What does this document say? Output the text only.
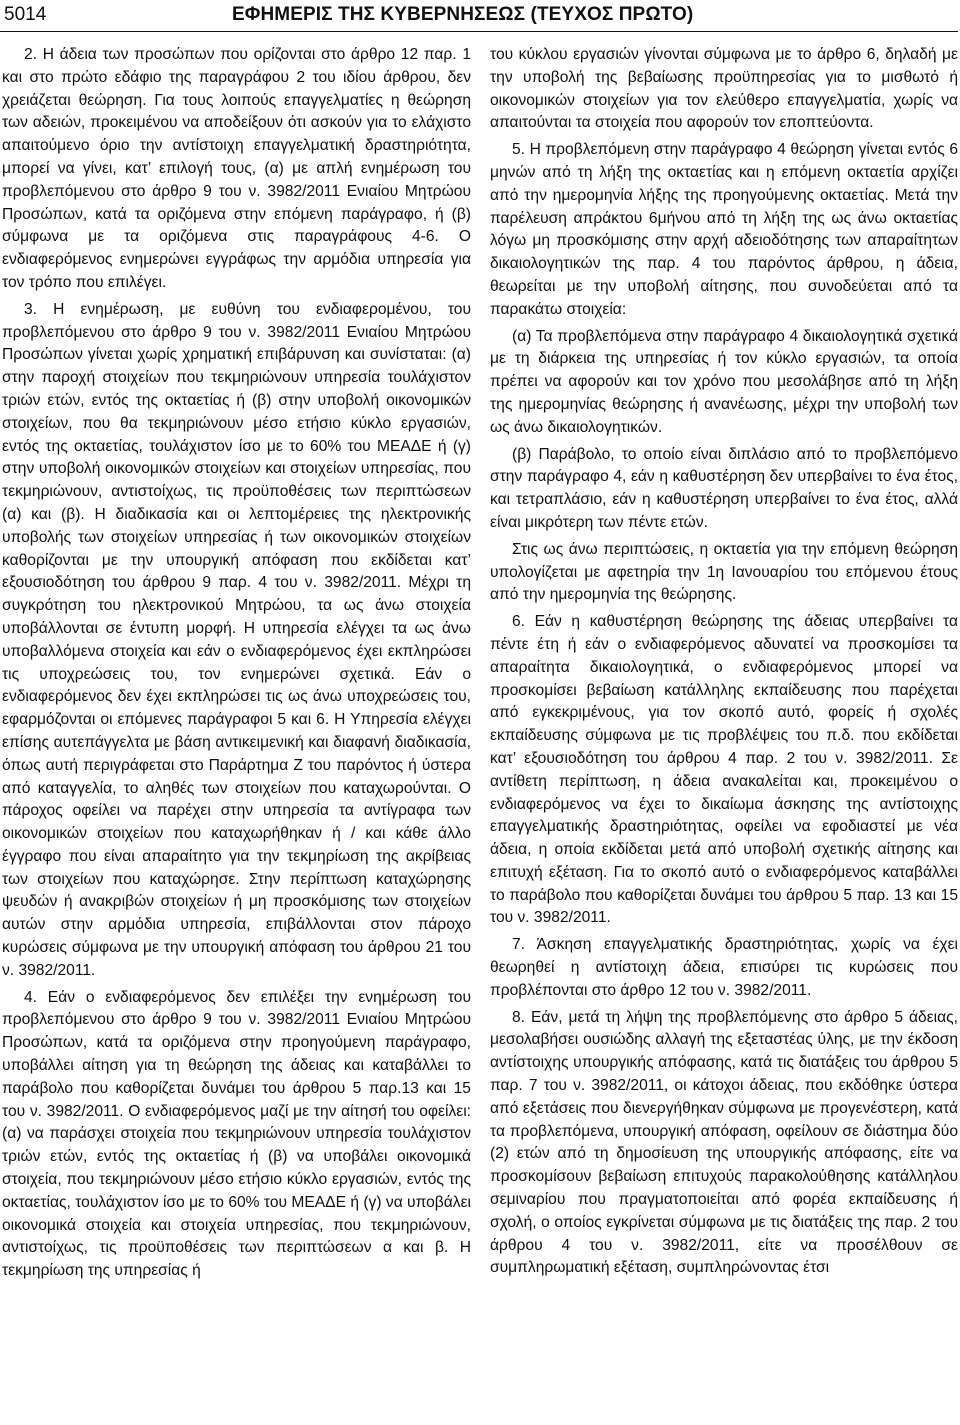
5014	ΕΦΗΜΕΡΙΣ ΤΗΣ ΚΥΒΕΡΝΗΣΕΩΣ (ΤΕΥΧΟΣ ΠΡΩΤΟ)

2. Η άδεια των προσώπων που ορίζονται στο άρθρο 12 παρ. 1 και στο πρώτο εδάφιο της παραγράφου 2 του ιδίου άρθρου, δεν χρειάζεται θεώρηση. Για τους λοιπούς επαγγελματίες η θεώρηση των αδειών, προκειμένου να αποδείξουν ότι ασκούν για το ελάχιστο απαιτούμενο όριο την αντίστοιχη επαγγελματική δραστηριότητα, μπορεί να γίνει, κατ’ επιλογή τους, (α) με απλή ενημέρωση του προβλεπόμενου στο άρθρο 9 του ν. 3982/2011 Ενιαίου Μητρώου Προσώπων, κατά τα οριζόμενα στην επόμενη παράγραφο, ή (β) σύμφωνα με τα οριζόμενα στις παραγράφους 4-6. Ο ενδιαφερόμενος ενημερώνει εγγράφως την αρμόδια υπηρεσία για τον τρόπο που επιλέγει.

3. Η ενημέρωση, με ευθύνη του ενδιαφερομένου, του προβλεπόμενου στο άρθρο 9 του ν. 3982/2011 Ενιαίου Μητρώου Προσώπων γίνεται χωρίς χρηματική επιβάρυνση και συνίσταται: (α) στην παροχή στοιχείων που τεκμηριώνουν υπηρεσία τουλάχιστον τριών ετών, εντός της οκταετίας ή (β) στην υποβολή οικονομικών στοιχείων, που θα τεκμηριώνουν μέσο ετήσιο κύκλο εργασιών, εντός της οκταετίας, τουλάχιστον ίσο με το 60% του ΜΕΑΔΕ ή (γ) στην υποβολή οικονομικών στοιχείων και στοιχείων υπηρεσίας, που τεκμηριώνουν, αντιστοίχως, τις προϋποθέσεις των περιπτώσεων (α) και (β). Η διαδικασία και οι λεπτομέρειες της ηλεκτρονικής υποβολής των στοιχείων υπηρεσίας ή των οικονομικών στοιχείων καθορίζονται με την υπουργική απόφαση που εκδίδεται κατ’ εξουσιοδότηση του άρθρου 9 παρ. 4 του ν. 3982/2011. Μέχρι τη συγκρότηση του ηλεκτρονικού Μητρώου, τα ως άνω στοιχεία υποβάλλονται σε έντυπη μορφή. Η υπηρεσία ελέγχει τα ως άνω υποβαλλόμενα στοιχεία και εάν ο ενδιαφερόμενος έχει εκπληρώσει τις υποχρεώσεις του, τον ενημερώνει σχετικά. Εάν ο ενδιαφερόμενος δεν έχει εκπληρώσει τις ως άνω υποχρεώσεις του, εφαρμόζονται οι επόμενες παράγραφοι 5 και 6. Η Υπηρεσία ελέγχει επίσης αυτεπάγγελτα με βάση αντικειμενική και διαφανή διαδικασία, όπως αυτή περιγράφεται στο Παράρτημα Ζ του παρόντος ή ύστερα από καταγγελία, το αληθές των στοιχείων που καταχωρούνται. Ο πάροχος οφείλει να παρέχει στην υπηρεσία τα αντίγραφα των οικονομικών στοιχείων που καταχωρήθηκαν ή / και κάθε άλλο έγγραφο που είναι απαραίτητο για την τεκμηρίωση της ακρίβειας των στοιχείων που καταχώρησε. Στην περίπτωση καταχώρησης ψευδών ή ανακριβών στοιχείων ή μη προσκόμισης των στοιχείων αυτών στην αρμόδια υπηρεσία, επιβάλλονται στον πάροχο κυρώσεις σύμφωνα με την υπουργική απόφαση του άρθρου 21 του ν. 3982/2011.

4. Εάν ο ενδιαφερόμενος δεν επιλέξει την ενημέρωση του προβλεπόμενου στο άρθρο 9 του ν. 3982/2011 Ενιαίου Μητρώου Προσώπων, κατά τα οριζόμενα στην προηγούμενη παράγραφο, υποβάλλει αίτηση για τη θεώρηση της άδειας και καταβάλλει το παράβολο που καθορίζεται δυνάμει του άρθρου 5 παρ.13 και 15 του ν. 3982/2011. Ο ενδιαφερόμενος μαζί με την αίτησή του οφείλει: (α) να παράσχει στοιχεία που τεκμηριώνουν υπηρεσία τουλάχιστον τριών ετών, εντός της οκταετίας ή (β) να υποβάλει οικονομικά στοιχεία, που τεκμηριώνουν μέσο ετήσιο κύκλο εργασιών, εντός της οκταετίας, τουλάχιστον ίσο με το 60% του ΜΕΑΔΕ ή (γ) να υποβάλει οικονομικά στοιχεία και στοιχεία υπηρεσίας, που τεκμηριώνουν, αντιστοίχως, τις προϋποθέσεις των περιπτώσεων α και β. Η τεκμηρίωση της υπηρεσίας ή

του κύκλου εργασιών γίνονται σύμφωνα με το άρθρο 6, δηλαδή με την υποβολή της βεβαίωσης προϋπηρεσίας για το μισθωτό ή οικονομικών στοιχείων για τον ελεύθερο επαγγελματία, χωρίς να απαιτούνται τα στοιχεία που αφορούν τον εποπτεύοντα.

5. Η προβλεπόμενη στην παράγραφο 4 θεώρηση γίνεται εντός 6 μηνών από τη λήξη της οκταετίας και η επόμενη οκταετία αρχίζει από την ημερομηνία λήξης της προηγούμενης οκταετίας. Μετά την παρέλευση απράκτου 6μήνου από τη λήξη της ως άνω οκταετίας λόγω μη προσκόμισης στην αρχή αδειοδότησης των απαραίτητων δικαιολογητικών της παρ. 4 του παρόντος άρθρου, η άδεια, θεωρείται με την υποβολή αίτησης, που συνοδεύεται από τα παρακάτω στοιχεία:

(α) Τα προβλεπόμενα στην παράγραφο 4 δικαιολογητικά σχετικά με τη διάρκεια της υπηρεσίας ή τον κύκλο εργασιών, τα οποία πρέπει να αφορούν και τον χρόνο που μεσολάβησε από τη λήξη της ημερομηνίας θεώρησης ή ανανέωσης, μέχρι την υποβολή των ως άνω δικαιολογητικών.

(β) Παράβολο, το οποίο είναι διπλάσιο από το προβλεπόμενο στην παράγραφο 4, εάν η καθυστέρηση δεν υπερβαίνει το ένα έτος, και τετραπλάσιο, εάν η καθυστέρηση υπερβαίνει το ένα έτος, αλλά είναι μικρότερη των πέντε ετών.

Στις ως άνω περιπτώσεις, η οκταετία για την επόμενη θεώρηση υπολογίζεται με αφετηρία την 1η Ιανουαρίου του επόμενου έτους από την ημερομηνία της θεώρησης.

6. Εάν η καθυστέρηση θεώρησης της άδειας υπερβαίνει τα πέντε έτη ή εάν ο ενδιαφερόμενος αδυνατεί να προσκομίσει τα απαραίτητα δικαιολογητικά, ο ενδιαφερόμενος μπορεί να προσκομίσει βεβαίωση κατάλληλης εκπαίδευσης που παρέχεται από εγκεκριμένους, για τον σκοπό αυτό, φορείς ή σχολές εκπαίδευσης σύμφωνα με τις προβλέψεις του π.δ. που εκδίδεται κατ’ εξουσιοδότηση του άρθρου 4 παρ. 2 του ν. 3982/2011. Σε αντίθετη περίπτωση, η άδεια ανακαλείται και, προκειμένου ο ενδιαφερόμενος να έχει το δικαίωμα άσκησης της αντίστοιχης επαγγελματικής δραστηριότητας, οφείλει να εφοδιαστεί με νέα άδεια, η οποία εκδίδεται μετά από υποβολή σχετικής αίτησης και επιτυχή εξέταση. Για το σκοπό αυτό ο ενδιαφερόμενος καταβάλλει το παράβολο που καθορίζεται δυνάμει του άρθρου 5 παρ. 13 και 15 του ν. 3982/2011.

7. Άσκηση επαγγελματικής δραστηριότητας, χωρίς να έχει θεωρηθεί η αντίστοιχη άδεια, επισύρει τις κυρώσεις που προβλέπονται στο άρθρο 12 του ν. 3982/2011.

8. Εάν, μετά τη λήψη της προβλεπόμενης στο άρθρο 5 άδειας, μεσολαβήσει ουσιώδης αλλαγή της εξεταστέας ύλης, με την έκδοση αντίστοιχης υπουργικής απόφασης, κατά τις διατάξεις του άρθρου 5 παρ. 7 του ν. 3982/2011, οι κάτοχοι άδειας, που εκδόθηκε ύστερα από εξετάσεις που διενεργήθηκαν σύμφωνα με προγενέστερη, κατά τα προβλεπόμενα, υπουργική απόφαση, οφείλουν σε διάστημα δύο (2) ετών από τη δημοσίευση της υπουργικής απόφασης, είτε να προσκομίσουν βεβαίωση επιτυχούς παρακολούθησης κατάλληλου σεμιναρίου που πραγματοποιείται από φορέα εκπαίδευσης ή σχολή, ο οποίος εγκρίνεται σύμφωνα με τις διατάξεις της παρ. 2 του άρθρου 4 του ν. 3982/2011, είτε να προσέλθουν σε συμπληρωματική εξέταση, συμπληρώνοντας έτσι
